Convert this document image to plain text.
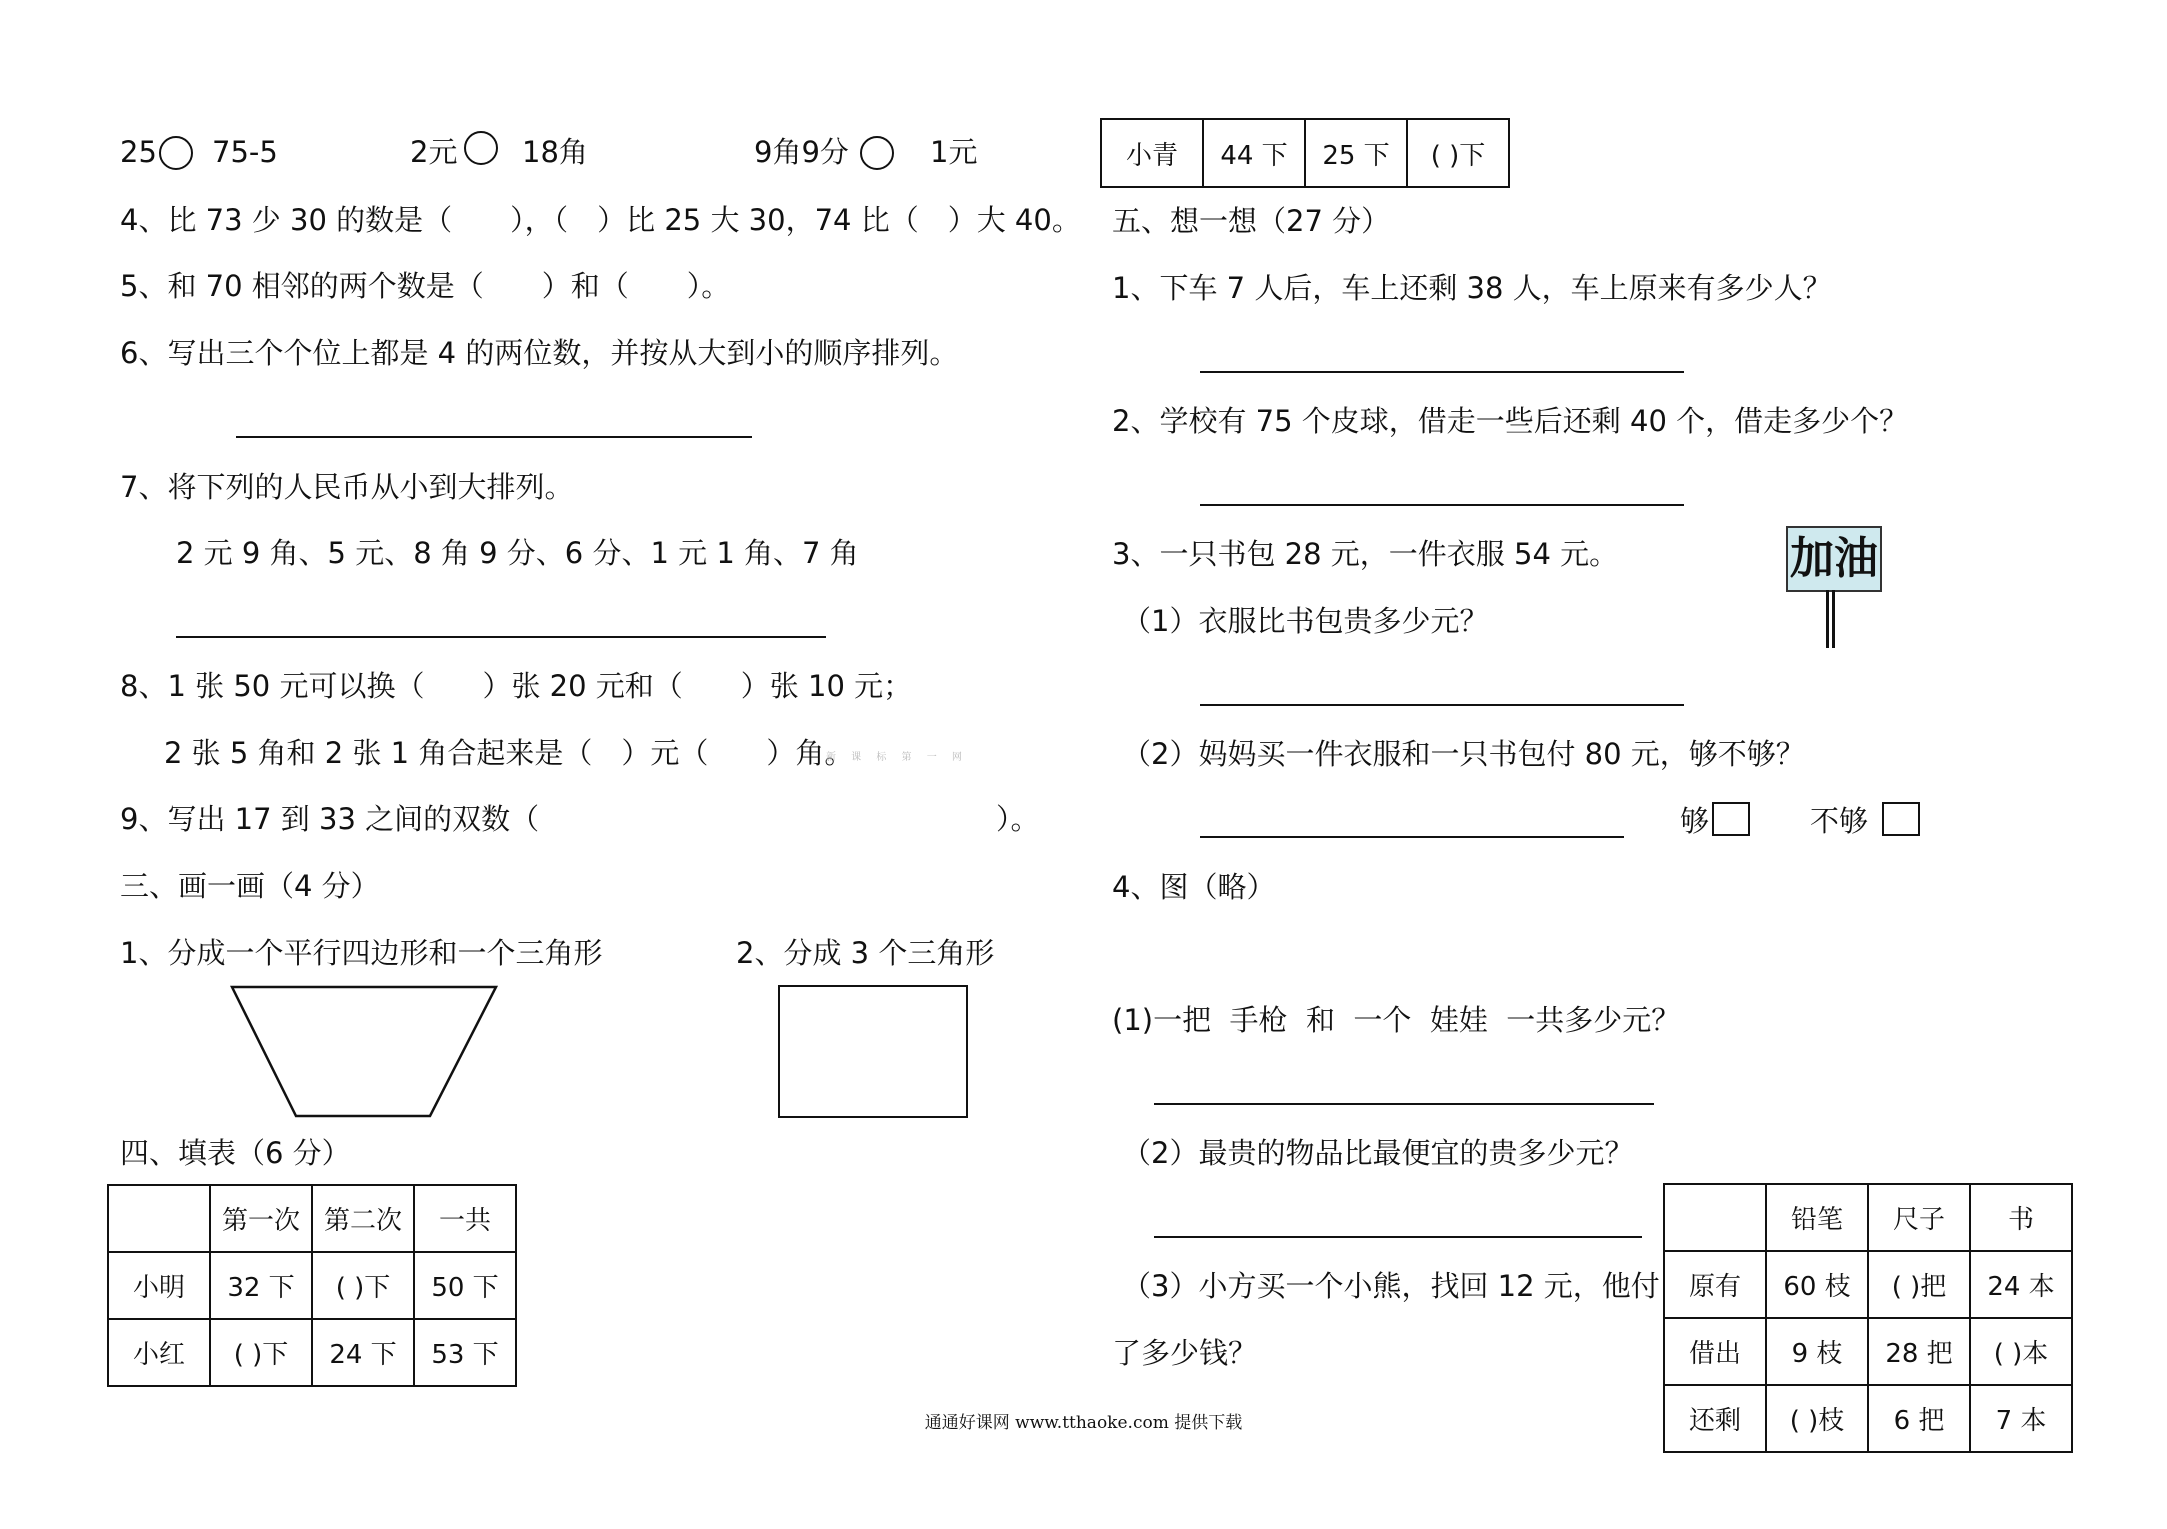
25 75-5	2元 18角	9角9分	1元
4、比 73 少 30 的数是（　　），（　）比 25 大 30，74 比（　）大 40。
5、和 70 相邻的两个数是（　　）和（　　）。
6、写出三个个位上都是 4 的两位数，并按从大到小的顺序排列。
7、将下列的人民币从小到大排列。
2 元 9 角、5 元、8 角 9 分、6 分、1 元 1 角、7 角
8、1 张 50 元可以换（　　）张 20 元和（　　）张 10 元；
2 张 5 角和 2 张 1 角合起来是（　）元（　　）角。
新 课 标 第 一 网
9、写出 17 到 33 之间的双数（	）。
三、画一画（4 分）
1、分成一个平行四边形和一个三角形	2、分成 3 个三角形
四、填表（6 分）
	第一次	第二次	一共
小明	32 下	( )下	50 下
小红	( )下	24 下	53 下
小青	44 下	25 下	( )下
五、想一想（27 分）
1、下车 7 人后，车上还剩 38 人，车上原来有多少人？
2、学校有 75 个皮球，借走一些后还剩 40 个，借走多少个？
3、一只书包 28 元，一件衣服 54 元。	加油
（1）衣服比书包贵多少元？
（2）妈妈买一件衣服和一只书包付 80 元，够不够？
够	不够
4、图（略）
(1)一把  手枪  和  一个  娃娃  一共多少元？
（2）最贵的物品比最便宜的贵多少元？
（3）小方买一个小熊，找回 12 元，他付
了多少钱？
	铅笔	尺子	书
原有	60 枝	( )把	24 本
借出	9 枝	28 把	( )本
还剩	( )枝	6 把	7 本
通通好课网 www.tthaoke.com 提供下载
